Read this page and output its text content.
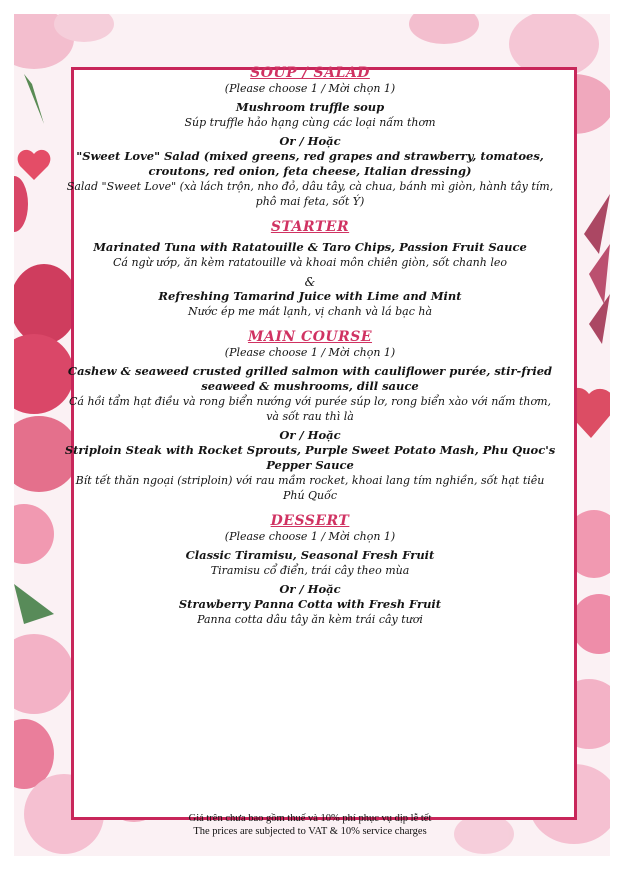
SOUP / SALAD
(Please choose 1 / Mời chọn 1)
Mushroom truffle soup
Súp truffle hảo hạng cùng các loại nấm thơm
Or / Hoặc
"Sweet Love" Salad (mixed greens, red grapes and strawberry, tomatoes, croutons, red onion, feta cheese, Italian dressing)
Salad "Sweet Love" (xà lách trộn, nho đỏ, dâu tây, cà chua, bánh mì giòn, hành tây tím, phô mai feta, sốt Ý)
STARTER
Marinated Tuna with Ratatouille & Taro Chips, Passion Fruit Sauce
Cá ngừ ướp, ăn kèm ratatouille và khoai môn chiên giòn, sốt chanh leo
&
Refreshing Tamarind Juice with Lime and Mint
Nước ép me mát lạnh, vị chanh và lá bạc hà
MAIN COURSE
(Please choose 1 / Mời chọn 1)
Cashew & seaweed crusted grilled salmon with cauliflower purée, stir-fried seaweed & mushrooms, dill sauce
Cá hồi tẩm hạt điều và rong biển nướng với purée súp lơ, rong biển xào với nấm thơm, và sốt rau thì là
Or / Hoặc
Striploin Steak with Rocket Sprouts, Purple Sweet Potato Mash, Phu Quoc's Pepper Sauce
Bít tết thăn ngoại (striploin) với rau mầm rocket, khoai lang tím nghiền, sốt hạt tiêu Phú Quốc
DESSERT
(Please choose 1 / Mời chọn 1)
Classic Tiramisu, Seasonal Fresh Fruit
Tiramisu cổ điển, trái cây theo mùa
Or / Hoặc
Strawberry Panna Cotta with Fresh Fruit
Panna cotta dâu tây ăn kèm trái cây tươi
Giá trên chưa bao gồm thuế và 10% phí phục vụ dịp lễ tết
The prices are subjected to VAT & 10% service charges
